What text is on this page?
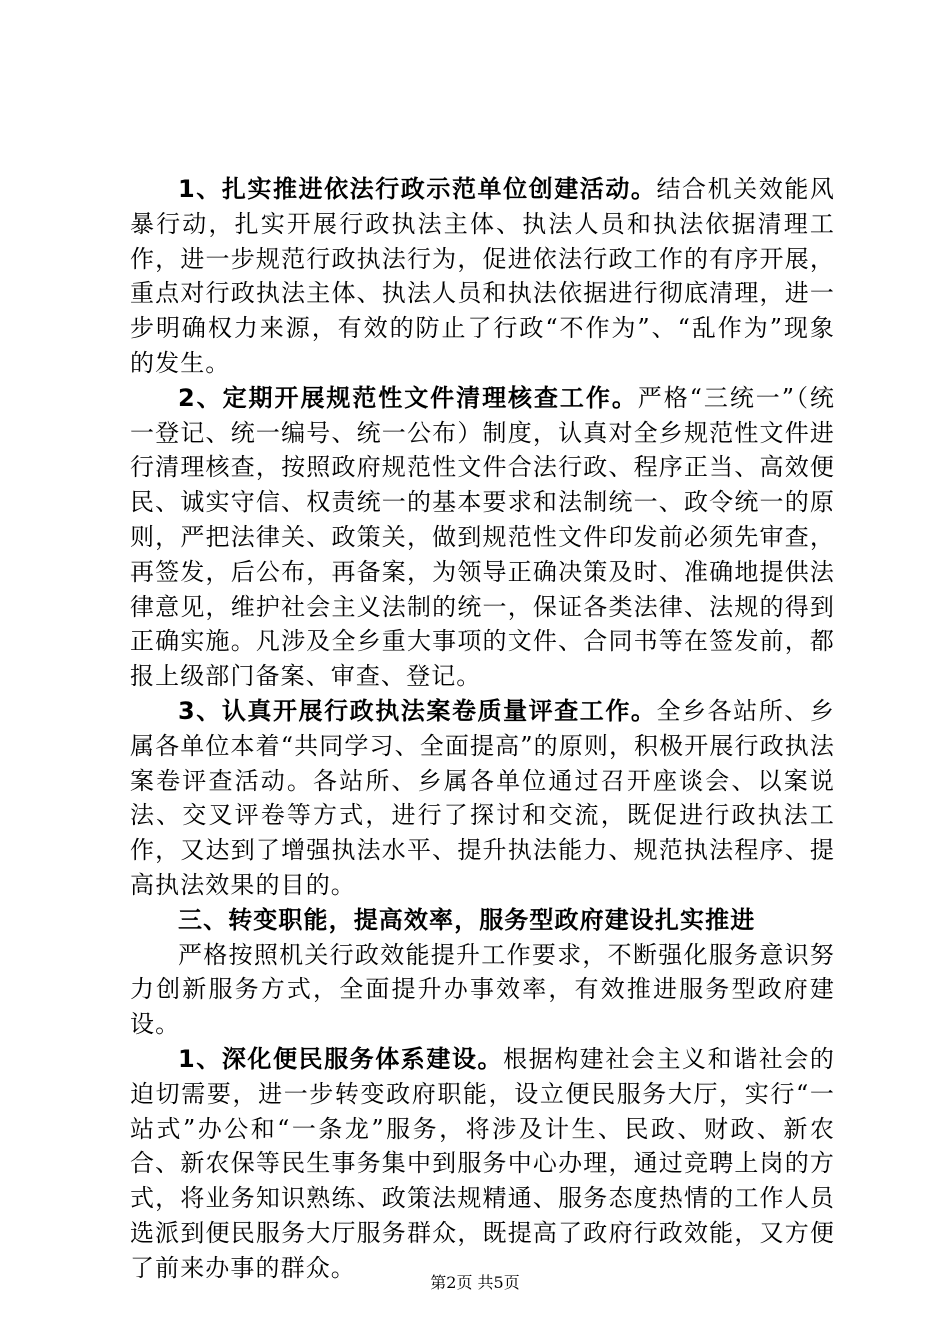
1、扎实推进依法行政示范单位创建活动。结合机关效能风暴行动，扎实开展行政执法主体、执法人员和执法依据清理工作，进一步规范行政执法行为，促进依法行政工作的有序开展，重点对行政执法主体、执法人员和执法依据进行彻底清理，进一步明确权力来源，有效的防止了行政“不作为”、“乱作为”现象的发生。

2、定期开展规范性文件清理核查工作。严格“三统一”（统一登记、统一编号、统一公布）制度，认真对全乡规范性文件进行清理核查，按照政府规范性文件合法行政、程序正当、高效便民、诚实守信、权责统一的基本要求和法制统一、政令统一的原则，严把法律关、政策关，做到规范性文件印发前必须先审查，再签发，后公布，再备案，为领导正确决策及时、准确地提供法律意见，维护社会主义法制的统一，保证各类法律、法规的得到正确实施。凡涉及全乡重大事项的文件、合同书等在签发前，都报上级部门备案、审查、登记。

3、认真开展行政执法案卷质量评查工作。全乡各站所、乡属各单位本着“共同学习、全面提高”的原则，积极开展行政执法案卷评查活动。各站所、乡属各单位通过召开座谈会、以案说法、交叉评卷等方式，进行了探讨和交流，既促进行政执法工作，又达到了增强执法水平、提升执法能力、规范执法程序、提高执法效果的目的。

三、转变职能，提高效率，服务型政府建设扎实推进

严格按照机关行政效能提升工作要求，不断强化服务意识努力创新服务方式，全面提升办事效率，有效推进服务型政府建设。

1、深化便民服务体系建设。根据构建社会主义和谐社会的迫切需要，进一步转变政府职能，设立便民服务大厅，实行“一站式”办公和“一条龙”服务，将涉及计生、民政、财政、新农合、新农保等民生事务集中到服务中心办理，通过竞聘上岗的方式，将业务知识熟练、政策法规精通、服务态度热情的工作人员选派到便民服务大厅服务群众，既提高了政府行政效能，又方便了前来办事的群众。

第2页 共5页
